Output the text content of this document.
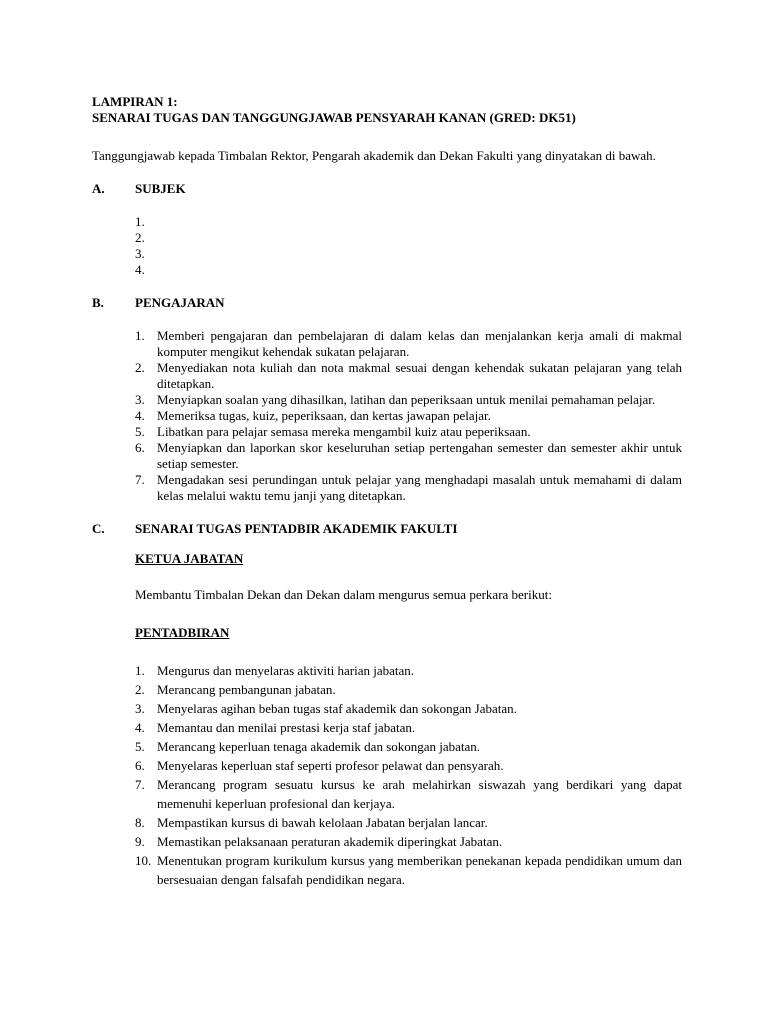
LAMPIRAN 1:

SENARAI TUGAS DAN TANGGUNGJAWAB PENSYARAH KANAN (GRED: DK51)

Tanggungjawab kepada Timbalan Rektor, Pengarah akademik dan Dekan Fakulti yang dinyatakan di bawah.

A.	SUBJEK
1.
2.
3.
4.
B.	PENGAJARAN
1. Memberi pengajaran dan pembelajaran di dalam kelas dan menjalankan kerja amali di makmal komputer mengikut kehendak sukatan pelajaran.
2. Menyediakan nota kuliah dan nota makmal sesuai dengan kehendak sukatan pelajaran yang telah ditetapkan.
3. Menyiapkan soalan yang dihasilkan, latihan dan peperiksaan untuk menilai pemahaman pelajar.
4. Memeriksa tugas, kuiz, peperiksaan, dan kertas jawapan pelajar.
5. Libatkan para pelajar semasa mereka mengambil kuiz atau peperiksaan.
6. Menyiapkan dan laporkan skor keseluruhan setiap pertengahan semester dan semester akhir untuk setiap semester.
7. Mengadakan sesi perundingan untuk pelajar yang menghadapi masalah untuk memahami di dalam kelas melalui waktu temu janji yang ditetapkan.
C.	SENARAI TUGAS PENTADBIR AKADEMIK FAKULTI

KETUA JABATAN

Membantu Timbalan Dekan dan Dekan dalam mengurus semua perkara berikut:

PENTADBIRAN

1. Mengurus dan menyelaras aktiviti harian jabatan.
2. Merancang pembangunan jabatan.
3. Menyelaras agihan beban tugas staf akademik dan sokongan Jabatan.
4. Memantau dan menilai prestasi kerja staf jabatan.
5. Merancang keperluan tenaga akademik dan sokongan jabatan.
6. Menyelaras keperluan staf seperti profesor pelawat dan pensyarah.
7. Merancang program sesuatu kursus ke arah melahirkan siswazah yang berdikari yang dapat memenuhi keperluan profesional dan kerjaya.
8. Mempastikan kursus di bawah kelolaan Jabatan berjalan lancar.
9. Memastikan pelaksanaan peraturan akademik diperingkat Jabatan.
10. Menentukan program kurikulum kursus yang memberikan penekanan kepada pendidikan umum dan bersesuaian dengan falsafah pendidikan negara.
